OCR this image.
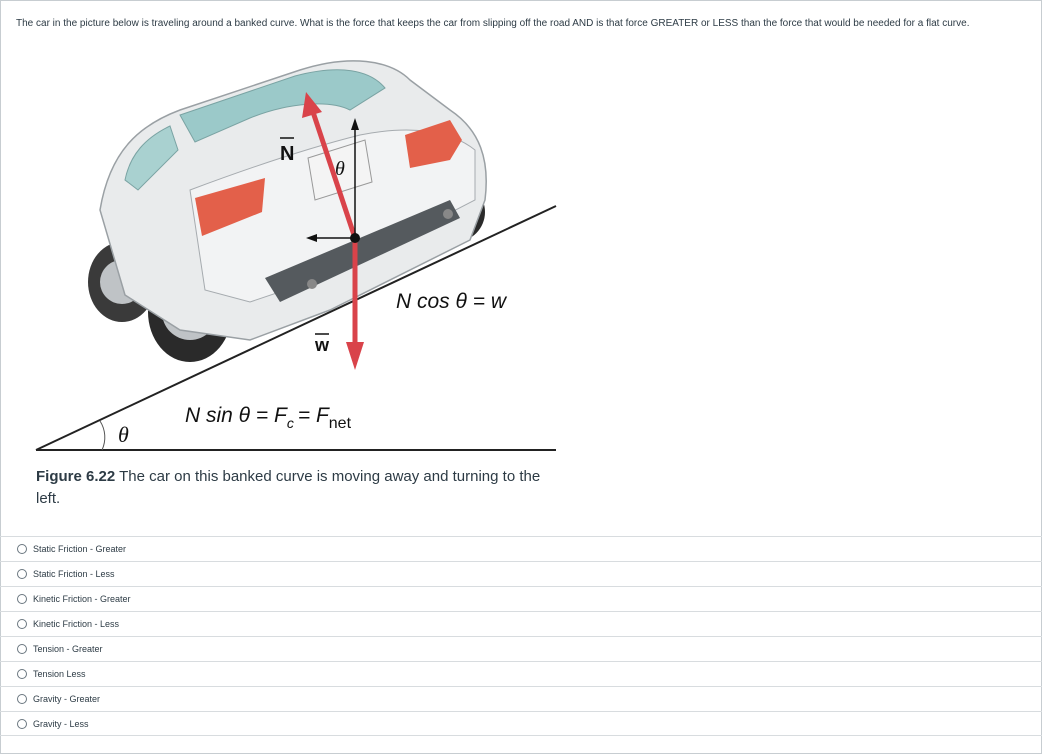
The car in the picture below is traveling around a banked curve. What is the force that keeps the car from slipping off the road AND is that force GREATER or LESS than the force that would be needed for a flat curve.
N
θ
w
θ
N cos θ = w
N $\sin \theta = F_c = F_{net}$
Figure 6.22 The car on this banked curve is moving away and turning to the left.
Static Friction - Greater
Static Friction - Less
Kinetic Friction - Greater
Kinetic Friction - Less
Tension - Greater
Tension Less
Gravity - Greater
Gravity - Less
